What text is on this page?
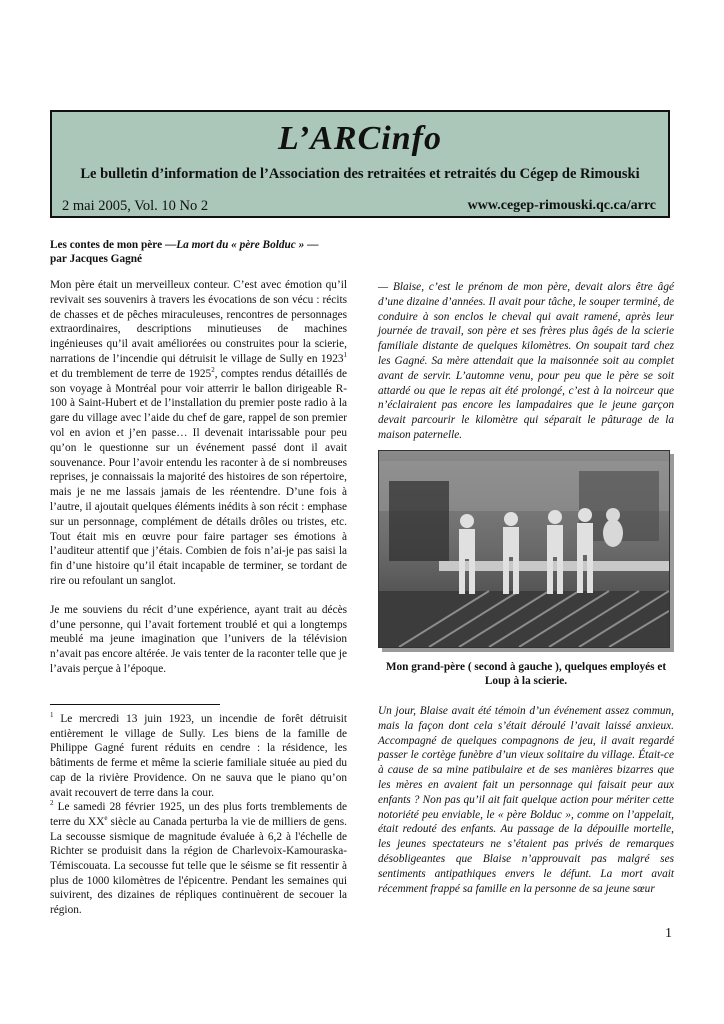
L’ARCinfo
Le bulletin d’information de l’Association des retraitées et retraités du Cégep de Rimouski
2 mai 2005, Vol. 10 No 2	www.cegep-rimouski.qc.ca/arrc
Les contes de mon père —La mort du « père Bolduc » —
par Jacques Gagné

Mon père était un merveilleux conteur. C’est avec émotion qu’il revivait ses souvenirs à travers les évocations de son vécu : récits de chasses et de pêches miraculeuses, rencontres de personnages extraordinaires, descriptions minutieuses de machines ingénieuses qu’il avait améliorées ou construites pour la scierie, narrations de l’incendie qui détruisit le village de Sully en 1923$^1$ et du tremblement de terre de 1925$^2$, comptes rendus détaillés de son voyage à Montréal pour voir atterrir le ballon dirigeable R-100 à Saint-Hubert et de l’installation du premier poste radio à la gare du village avec l’aide du chef de gare, rappel de son premier vol en avion et j’en passe… Il devenait intarissable pour peu qu’on le questionne sur un événement passé dont il avait souvenance. Pour l’avoir entendu les raconter à de si nombreuses reprises, je connaissais la majorité des histoires de son répertoire, mais je ne me lassais jamais de les réentendre. D’une fois à l’autre, il ajoutait quelques éléments inédits à son récit : emphase sur un personnage, complément de détails drôles ou tristes, etc. Tout était mis en œuvre pour faire partager ses émotions à l’auditeur attentif que j’étais. Combien de fois n’ai-je pas saisi la fin d’une histoire qu’il était incapable de terminer, se tordant de rire ou refoulant un sanglot.

Je me souviens du récit d’une expérience, ayant trait au décès d’une personne, qui l’avait fortement troublé et qui a longtemps meublé ma jeune imagination que l’univers de la télévision n’avait pas encore altérée. Je vais tenter de la raconter telle que je l’avais perçue à l’époque.

$^1$ Le mercredi 13 juin 1923, un incendie de forêt détruisit entièrement le village de Sully. Les biens de la famille de Philippe Gagné furent réduits en cendre : la résidence, les bâtiments de ferme et même la scierie familiale située au pied du cap de la rivière Providence. On ne sauva que le piano qu’on avait recouvert de terre dans la cour.

$^2$ Le samedi 28 février 1925, un des plus forts tremblements de terre du XXe siècle au Canada perturba la vie de milliers de gens. La secousse sismique de magnitude évaluée à 6,2 à l'échelle de Richter se produisit dans la région de Charlevoix-Kamouraska-Témiscouata. La secousse fut telle que le séisme se fit ressentir à plus de 1000 kilomètres de l'épicentre. Pendant les semaines qui suivirent, des dizaines de répliques continuèrent de secouer la région.

— Blaise, c’est le prénom de mon père, devait alors être âgé d’une dizaine d’années. Il avait pour tâche, le souper terminé, de conduire à son enclos le cheval qui avait ramené, après leur journée de travail, son père et ses frères plus âgés de la scierie familiale distante de quelques kilomètres. On soupait tard chez les Gagné. Sa mère attendait que la maisonnée soit au complet avant de servir. L’automne venu, pour peu que le père se soit attardé ou que le repas ait été prolongé, c’est à la noirceur que n’éclairaient pas encore les lampadaires que le jeune garçon devait parcourir le kilomètre qui séparait le pâturage de la maison paternelle.
Mon grand-père ( second à gauche ), quelques employés et Loup à la scierie.
Un jour, Blaise avait été témoin d’un événement assez commun, mais la façon dont cela s’était déroulé l’avait laissé anxieux. Accompagné de quelques compagnons de jeu, il avait regardé passer le cortège funèbre d’un vieux solitaire du village. Était-ce à cause de sa mine patibulaire et de ses manières bizarres que les mères en avaient fait un personnage qui faisait peur aux enfants ? Non pas qu’il ait fait quelque action pour mériter cette notoriété peu enviable, le « père Bolduc », comme on l’appelait, était redouté des enfants. Au passage de la dépouille mortelle, les jeunes spectateurs ne s’étaient pas privés de remarques désobligeantes que Blaise n’approuvait pas malgré ses sentiments antipathiques envers le défunt. La mort avait récemment frappé sa famille en la personne de sa jeune sœur
1
